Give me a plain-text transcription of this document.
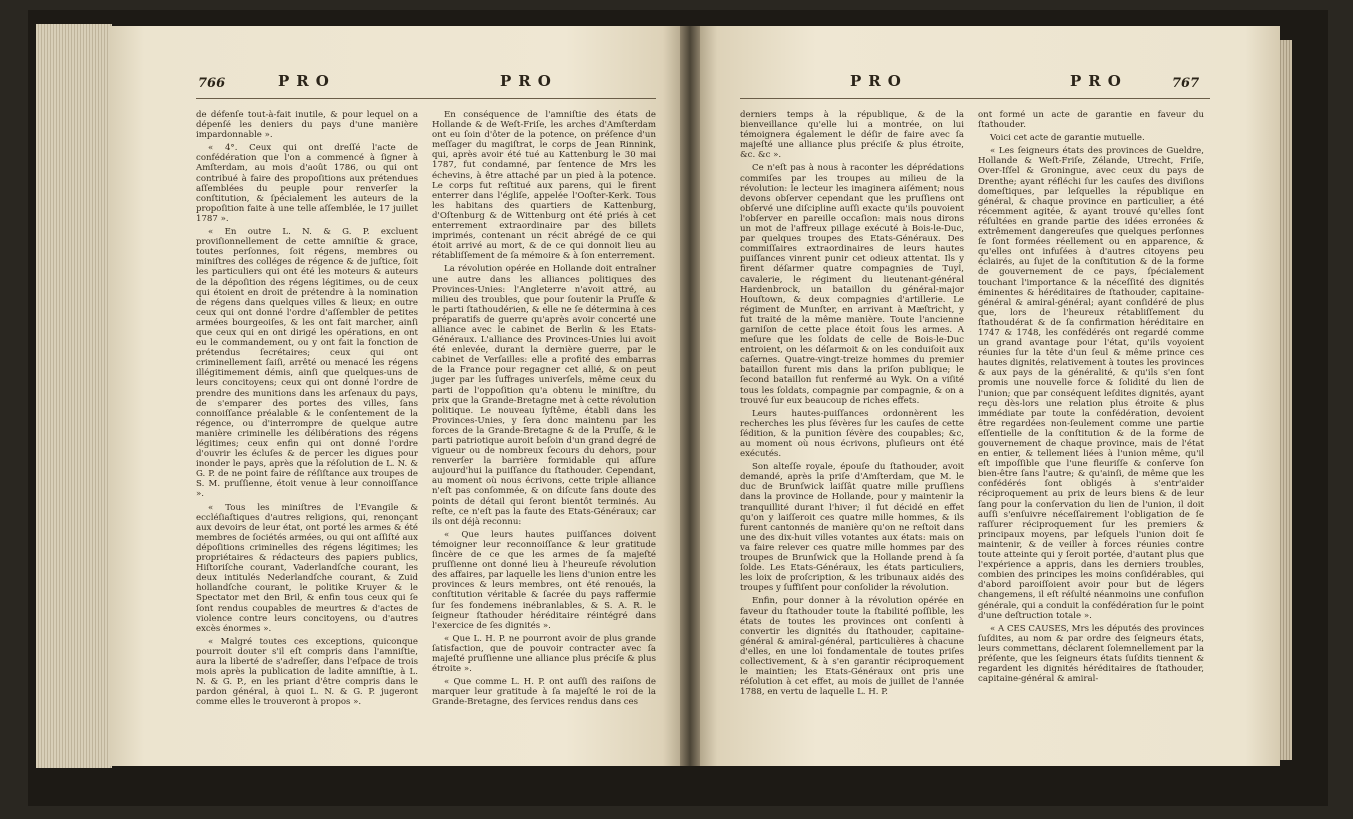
766	PRO	PRO

de défenſe tout-à-fait inutile, & pour lequel on a dépenſé les deniers du pays d'une manière impardonnable ».

« 4°. Ceux qui ont dreſſé l'acte de confédération que l'on a commencé à ſigner à Amſterdam, au mois d'août 1786, ou qui ont contribué à faire des propoſitions aux prétendues aſſemblées du peuple pour renverſer la conſtitution, & ſpécialement les auteurs de la propoſition faite à une telle aſſemblée, le 17 juillet 1787 ».

« En outre L. N. & G. P. excluent proviſionnellement de cette amniſtie & grace, toutes perſonnes, ſoit régens, membres ou miniſtres des colléges de régence & de juſtice, ſoit les particuliers qui ont été les moteurs & auteurs de la dépoſition des régens légitimes, ou de ceux qui étoient en droit de prétendre à la nomination de régens dans quelques villes & lieux; en outre ceux qui ont donné l'ordre d'aſſembler de petites armées bourgeoiſes, & les ont fait marcher, ainſi que ceux qui en ont dirigé les opérations, en ont eu le commandement, ou y ont fait la fonction de prétendus ſecrétaires; ceux qui ont criminellement ſaiſi, arrêté ou menacé les régens illégitimement démis, ainſi que quelques-uns de leurs concitoyens; ceux qui ont donné l'ordre de prendre des munitions dans les arſenaux du pays, de s'emparer des portes des villes, ſans connoiſſance préalable & le conſentement de la régence, ou d'interrompre de quelque autre manière criminelle les délibérations des régens légitimes; ceux enfin qui ont donné l'ordre d'ouvrir les écluſes & de percer les digues pour inonder le pays, après que la réſolution de L. N. & G. P. de ne point faire de réſiſtance aux troupes de S. M. pruſſienne, étoit venue à leur connoiſſance ».

« Tous les miniſtres de l'Evangile & eccléſiaſtiques d'autres religions, qui, renonçant aux devoirs de leur état, ont porté les armes & été membres de ſociétés armées, ou qui ont aſſiſté aux dépoſitions criminelles des régens légitimes; les propriétaires & rédacteurs des papiers publics, Hiſtoriſche courant, Vaderlandſche courant, les deux intitulés Nederlandſche courant, & Zuid hollandſche courant, le politike Kruyer & le Spectator met den Bril, & enfin tous ceux qui ſe ſont rendus coupables de meurtres & d'actes de violence contre leurs concitoyens, ou d'autres excès énormes ».

« Malgré toutes ces exceptions, quiconque pourroit douter s'il eſt compris dans l'amniſtie, aura la liberté de s'adreſſer, dans l'eſpace de trois mois après la publication de ladite amniſtie, à L. N. & G. P., en les priant d'être compris dans le pardon général, à quoi L. N. & G. P. jugeront comme elles le trouveront à propos ».

En conséquence de l'amniſtie des états de Hollande & de Weſt-Friſe, les arches d'Amſterdam ont eu ſoin d'ôter de la potence, on préſence d'un meſſager du magiſtrat, le corps de Jean Rinnink, qui, après avoir été tué au Kattenburg le 30 mai 1787, fut condamné, par ſentence de Mrs les échevins, à être attaché par un pied à la potence. Le corps fut reſtitué aux parens, qui le firent enterrer dans l'égliſe, appelée l'Ooſter-Kerk. Tous les habitans des quartiers de Kattenburg, d'Oſtenburg & de Wittenburg ont été priés à cet enterrement extraordinaire par des billets imprimés, contenant un récit abrégé de ce qui étoit arrivé au mort, & de ce qui donnoit lieu au rétabliſſement de ſa mémoire & à ſon enterrement.

La révolution opérée en Hollande doit entraîner une autre dans les alliances politiques des Provinces-Unies: l'Angleterre n'avoit attré, au milieu des troubles, que pour ſoutenir la Pruſſe & le parti ſtathoudérien, & elle ne ſe détermina à ces préparatifs de guerre qu'après avoir concerté une alliance avec le cabinet de Berlin & les Etats-Généraux. L'alliance des Provinces-Unies lui avoit été enlevée, durant la dernière guerre, par le cabinet de Verſailles: elle a profité des embarras de la France pour regagner cet allié, & on peut juger par les ſuffrages univerſels, même ceux du parti de l'oppoſition qu'a obtenu le miniſtre, du prix que la Grande-Bretagne met à cette révolution politique. Le nouveau ſyſtême, établi dans les Provinces-Unies, y ſera donc maintenu par les forces de la Grande-Bretagne & de la Pruſſe, & le parti patriotique auroit beſoin d'un grand degré de vigueur ou de nombreux ſecours du dehors, pour renverſer la barrière formidable qui aſſure aujourd'hui la puiſſance du ſtathouder. Cependant, au moment où nous écrivons, cette triple alliance n'eſt pas conſommée, & on diſcute ſans doute des points de détail qui ſeront bientôt terminés. Au reſte, ce n'eſt pas la faute des Etats-Généraux; car ils ont déjà reconnu:

« Que leurs hautes puiſſances doivent témoigner leur reconnoiſſance & leur gratitude ſincère de ce que les armes de ſa majeſté pruſſienne ont donné lieu à l'heureuſe révolution des affaires, par laquelle les liens d'union entre les provinces & leurs membres, ont été renoués, la conſtitution véritable & ſacrée du pays raffermie ſur ſes fondemens inébranlables, & S. A. R. le ſeigneur ſtathouder héréditaire réintégré dans l'exercice de ſes dignités ».

« Que L. H. P. ne pourront avoir de plus grande ſatisfaction, que de pouvoir contracter avec ſa majeſté pruſſienne une alliance plus préciſe & plus étroite ».

« Que comme L. H. P. ont auſſi des raiſons de marquer leur gratitude à ſa majeſté le roi de la Grande-Bretagne, des ſervices rendus dans ces

PRO	PRO	767

derniers temps à la république, & de la bienveillance qu'elle lui a montrée, on lui témoignera également le déſir de faire avec ſa majeſté une alliance plus préciſe & plus étroite, &c. &c ».

Ce n'eſt pas à nous à raconter les déprédations commiſes par les troupes au milieu de la révolution: le lecteur les imaginera aiſément; nous devons obſerver cependant que les pruſſiens ont obſervé une diſcipline auſſi exacte qu'ils pouvoient l'obſerver en pareille occaſion: mais nous dirons un mot de l'affreux pillage exécuté à Bois-le-Duc, par quelques troupes des Etats-Généraux. Des commiſſaires extraordinaires de leurs hautes puiſſances vinrent punir cet odieux attentat. Ils y firent déſarmer quatre compagnies de Tuyl, cavalerie, le régiment du lieutenant-général Hardenbrock, un bataillon du général-major Houſtown, & deux compagnies d'artillerie. Le régiment de Munſter, en arrivant à Mæſtricht, y fut traité de la même manière. Toute l'ancienne garniſon de cette place étoit ſous les armes. A meſure que les ſoldats de celle de Bois-le-Duc entroient, on les déſarmoit & on les conduiſoit aux caſernes. Quatre-vingt-treize hommes du premier bataillon furent mis dans la priſon publique; le ſecond bataillon fut renfermé au Wyk. On a viſité tous les ſoldats, compagnie par compagnie, & on a trouvé ſur eux beaucoup de riches effets.

Leurs hautes-puiſſances ordonnèrent les recherches les plus ſévères ſur les cauſes de cette ſédition, & la punition ſévère des coupables; &c, au moment où nous écrivons, pluſieurs ont été exécutés.

Son alteſſe royale, épouſe du ſtathouder, avoit demandé, après la priſe d'Amſterdam, que M. le duc de Brunſwick laiſſât quatre mille pruſſiens dans la province de Hollande, pour y maintenir la tranquillité durant l'hiver; il fut décidé en effet qu'on y laiſſeroit ces quatre mille hommes, & ils furent cantonnés de manière qu'on ne reſtoit dans une des dix-huit villes votantes aux états: mais on va faire relever ces quatre mille hommes par des troupes de Brunſwick que la Hollande prend à ſa ſolde. Les Etats-Généraux, les états particuliers, les loix de proſcription, & les tribunaux aidés des troupes y ſuffiſent pour conſolider la révolution.

Enfin, pour donner à la révolution opérée en faveur du ſtathouder toute la ſtabilité poſſible, les états de toutes les provinces ont conſenti à convertir les dignités du ſtathouder, capitaine-général & amiral-général, particulières à chacune d'elles, en une loi fondamentale de toutes priſes collectivement, & à s'en garantir réciproquement le maintien; les Etats-Généraux ont pris une réſolution à cet effet, au mois de juillet de l'année 1788, en vertu de laquelle L. H. P.

ont formé un acte de garantie en faveur du ſtathouder.

Voici cet acte de garantie mutuelle.

« Les ſeigneurs états des provinces de Gueldre, Hollande & Weſt-Friſe, Zélande, Utrecht, Friſe, Over-Iſſel & Groningue, avec ceux du pays de Drenthe; ayant réfléchi ſur les cauſes des diviſions domeſtiques, par leſquelles la république en général, & chaque province en particulier, a été récemment agitée, & ayant trouvé qu'elles ſont réſultées en grande partie des idées erronées & extrêmement dangereuſes que quelques perſonnes ſe ſont formées réellement ou en apparence, & qu'elles ont infuſées à d'autres citoyens peu éclairés, au ſujet de la conſtitution & de la forme de gouvernement de ce pays, ſpécialement touchant l'importance & la néceſſité des dignités éminentes & héréditaires de ſtathouder, capitaine-général & amiral-général; ayant conſidéré de plus que, lors de l'heureux rétabliſſement du ſtathoudérat & de ſa confirmation héréditaire en 1747 & 1748, les confédérés ont regardé comme un grand avantage pour l'état, qu'ils voyoient réunies ſur la tête d'un ſeul & même prince ces hautes dignités, relativement à toutes les provinces & aux pays de la généralité, & qu'ils s'en ſont promis une nouvelle force & ſolidité du lien de l'union; que par conséquent leſdites dignités, ayant reçu dès-lors une relation plus étroite & plus immédiate par toute la confédération, devoient être regardées non-ſeulement comme une partie eſſentielle de la conſtitution & de la forme de gouvernement de chaque province, mais de l'état en entier, & tellement liées à l'union même, qu'il eſt impoſſible que l'une fleuriſſe & conſerve ſon bien-être ſans l'autre; & qu'ainſi, de même que les confédérés ſont obligés à s'entr'aider réciproquement au prix de leurs biens & de leur ſang pour la conſervation du lien de l'union, il doit auſſi s'enſuivre néceſſairement l'obligation de ſe raſſurer réciproquement ſur les premiers & principaux moyens, par leſquels l'union doit ſe maintenir, & de veiller à forces réunies contre toute atteinte qui y ſeroit portée, d'autant plus que l'expérience a appris, dans les derniers troubles, combien des principes les moins conſidérables, qui d'abord paroiſſoient avoir pour but de légers changemens, il eſt réſulté néanmoins une confuſion générale, qui a conduit la confédération ſur le point d'une deſtruction totale ».

« A CES CAUSES, Mrs les députés des provinces ſuſdites, au nom & par ordre des ſeigneurs états, leurs commettans, déclarent ſolemnellement par la préſente, que les ſeigneurs états ſuſdits tiennent & regardent les dignités héréditaires de ſtathouder, capitaine-général & amiral-
